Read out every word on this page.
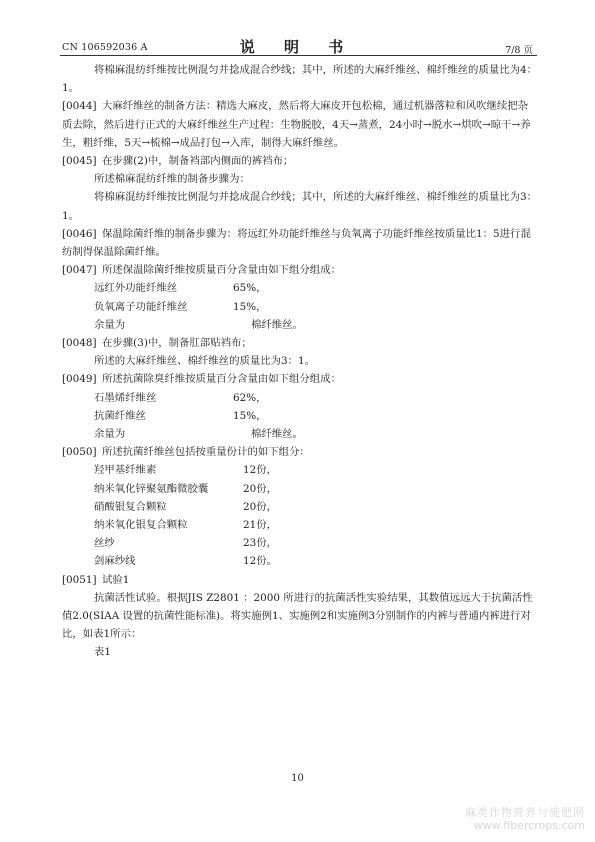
CN 106592036 A	说 明 书	7/8 页

将棉麻混纺纤维按比例混匀并捻成混合纱线；其中，所述的大麻纤维丝、棉纤维丝的质量比为4：1。

[0044] 大麻纤维丝的制备方法：精选大麻皮，然后将大麻皮开包松棉，通过机器落粒和风吹继续把杂质去除，然后进行正式的大麻纤维丝生产过程：生物脱胶，4天→蒸煮，24小时→脱水→烘吹→晾干→养生，粗纤维，5天→梳棉→成品打包→入库，制得大麻纤维丝。

[0045] 在步骤(2)中，制备裆部内侧面的裤裆布；

所述棉麻混纺纤维的制备步骤为：

将棉麻混纺纤维按比例混匀并捻成混合纱线；其中，所述的大麻纤维丝、棉纤维丝的质量比为3：1。

[0046] 保温除菌纤维的制备步骤为：将远红外功能纤维丝与负氧离子功能纤维丝按质量比1：5进行混纺制得保温除菌纤维。

[0047] 所述保温除菌纤维按质量百分含量由如下组分组成：

远红外功能纤维丝	65%，
负氧离子功能纤维丝	15%，
余量为	棉纤维丝。

[0048] 在步骤(3)中，制备肛部贴裆布；

所述的大麻纤维丝、棉纤维丝的质量比为3：1。

[0049] 所述抗菌除臭纤维按质量百分含量由如下组分组成：

石墨烯纤维丝	62%，
抗菌纤维丝	15%，
余量为	棉纤维丝。

[0050] 所述抗菌纤维丝包括按重量份计的如下组分：

羟甲基纤维素	12份，
纳米氧化锌聚氨酯微胶囊	20份，
硝酸银复合颗粒	20份，
纳米氧化银复合颗粒	21份，
丝纱	23份，
剑麻纱线	12份。

[0051] 试验1

抗菌活性试验。根据JIS Z2801 ：2000 所进行的抗菌活性实验结果，其数值远远大于抗菌活性值2.0(SIAA 设置的抗菌性能标准)。将实施例1、实施例2和实施例3分别制作的内裤与普通内裤进行对比，如表1所示：

表1

10
麻类作物营养与施肥网
www.fibercrops.com
